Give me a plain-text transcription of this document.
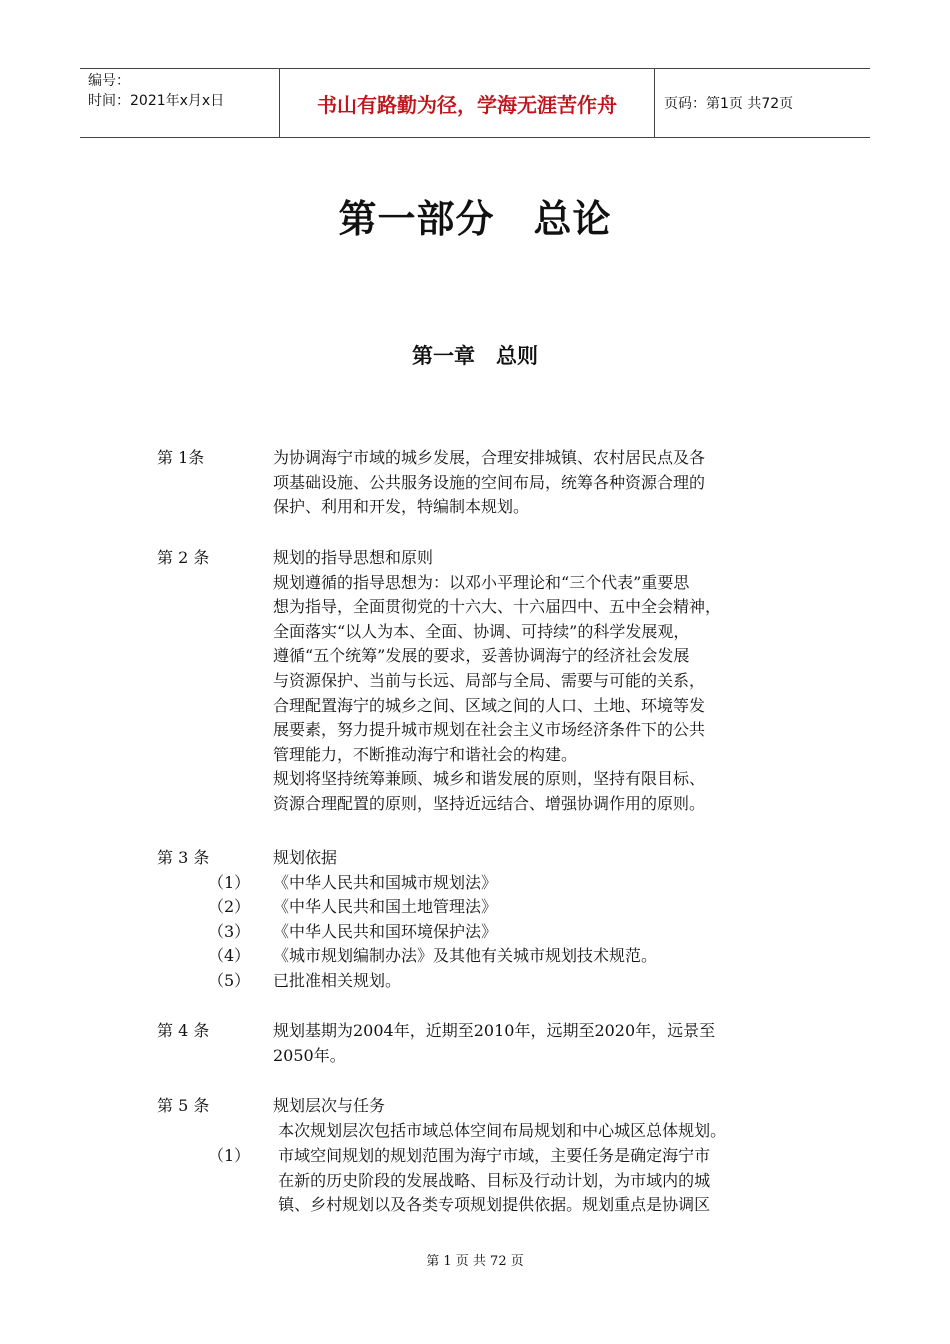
编号：
时间：2021年x月x日	书山有路勤为径，学海无涯苦作舟	页码：第1页 共72页
第一部分　总论
第一章　总则
第 1条	为协调海宁市域的城乡发展，合理安排城镇、农村居民点及各
项基础设施、公共服务设施的空间布局，统筹各种资源合理的
保护、利用和开发，特编制本规划。
第 2 条	规划的指导思想和原则
规划遵循的指导思想为：以邓小平理论和“三个代表”重要思
想为指导，全面贯彻党的十六大、十六届四中、五中全会精神，
全面落实“以人为本、全面、协调、可持续”的科学发展观，
遵循“五个统筹”发展的要求，妥善协调海宁的经济社会发展
与资源保护、当前与长远、局部与全局、需要与可能的关系，
合理配置海宁的城乡之间、区域之间的人口、土地、环境等发
展要素，努力提升城市规划在社会主义市场经济条件下的公共
管理能力，不断推动海宁和谐社会的构建。
规划将坚持统筹兼顾、城乡和谐发展的原则，坚持有限目标、
资源合理配置的原则，坚持近远结合、增强协调作用的原则。
第 3 条	规划依据
（1） 《中华人民共和国城市规划法》
（2） 《中华人民共和国土地管理法》
（3） 《中华人民共和国环境保护法》
（4） 《城市规划编制办法》及其他有关城市规划技术规范。
（5） 已批准相关规划。
第 4 条	规划基期为2004年，近期至2010年，远期至2020年，远景至
2050年。
第 5 条	规划层次与任务
本次规划层次包括市域总体空间布局规划和中心城区总体规划。
（1） 市域空间规划的规划范围为海宁市域，主要任务是确定海宁市
在新的历史阶段的发展战略、目标及行动计划，为市域内的城
镇、乡村规划以及各类专项规划提供依据。规划重点是协调区
第 1 页 共 72 页
